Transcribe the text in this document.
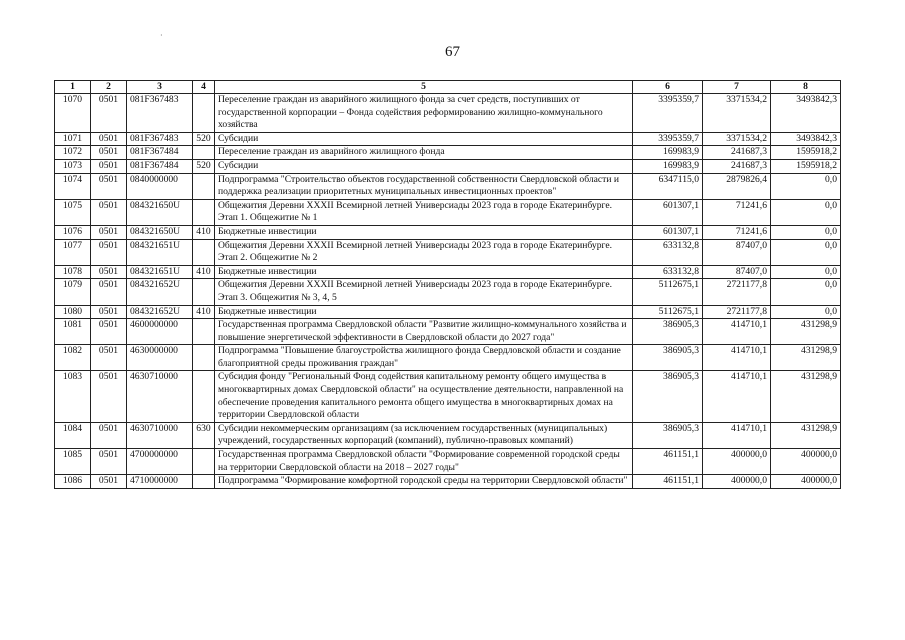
·
67
1	2	3	4	5	6	7	8
1070	0501	081F367483		Переселение граждан из аварийного жилищного фонда за счет средств, поступивших от государственной корпорации – Фонда содействия реформированию жилищно-коммунального хозяйства	3395359,7	3371534,2	3493842,3
1071	0501	081F367483	520	Субсидии	3395359,7	3371534,2	3493842,3
1072	0501	081F367484		Переселение граждан из аварийного жилищного фонда	169983,9	241687,3	1595918,2
1073	0501	081F367484	520	Субсидии	169983,9	241687,3	1595918,2
1074	0501	0840000000		Подпрограмма "Строительство объектов государственной собственности Свердловской области и поддержка реализации приоритетных муниципальных инвестиционных проектов"	6347115,0	2879826,4	0,0
1075	0501	084321650U		Общежития Деревни XXXII Всемирной летней Универсиады 2023 года в городе Екатеринбурге. Этап 1. Общежитие № 1	601307,1	71241,6	0,0
1076	0501	084321650U	410	Бюджетные инвестиции	601307,1	71241,6	0,0
1077	0501	084321651U		Общежития Деревни XXXII Всемирной летней Универсиады 2023 года в городе Екатеринбурге. Этап 2. Общежитие № 2	633132,8	87407,0	0,0
1078	0501	084321651U	410	Бюджетные инвестиции	633132,8	87407,0	0,0
1079	0501	084321652U		Общежития Деревни XXXII Всемирной летней Универсиады 2023 года в городе Екатеринбурге. Этап 3. Общежития № 3, 4, 5	5112675,1	2721177,8	0,0
1080	0501	084321652U	410	Бюджетные инвестиции	5112675,1	2721177,8	0,0
1081	0501	4600000000		Государственная программа Свердловской области "Развитие жилищно-коммунального хозяйства и повышение энергетической эффективности в Свердловской области до 2027 года"	386905,3	414710,1	431298,9
1082	0501	4630000000		Подпрограмма "Повышение благоустройства жилищного фонда Свердловской области и создание благоприятной среды проживания граждан"	386905,3	414710,1	431298,9
1083	0501	4630710000		Субсидия фонду "Региональный Фонд содействия капитальному ремонту общего имущества в многоквартирных домах Свердловской области" на осуществление деятельности, направленной на обеспечение проведения капитального ремонта общего имущества в многоквартирных домах на территории Свердловской области	386905,3	414710,1	431298,9
1084	0501	4630710000	630	Субсидии некоммерческим организациям (за исключением государственных (муниципальных) учреждений, государственных корпораций (компаний), публично-правовых компаний)	386905,3	414710,1	431298,9
1085	0501	4700000000		Государственная программа Свердловской области "Формирование современной городской среды на территории Свердловской области на 2018 – 2027 годы"	461151,1	400000,0	400000,0
1086	0501	4710000000		Подпрограмма "Формирование комфортной городской среды на территории Свердловской области"	461151,1	400000,0	400000,0
